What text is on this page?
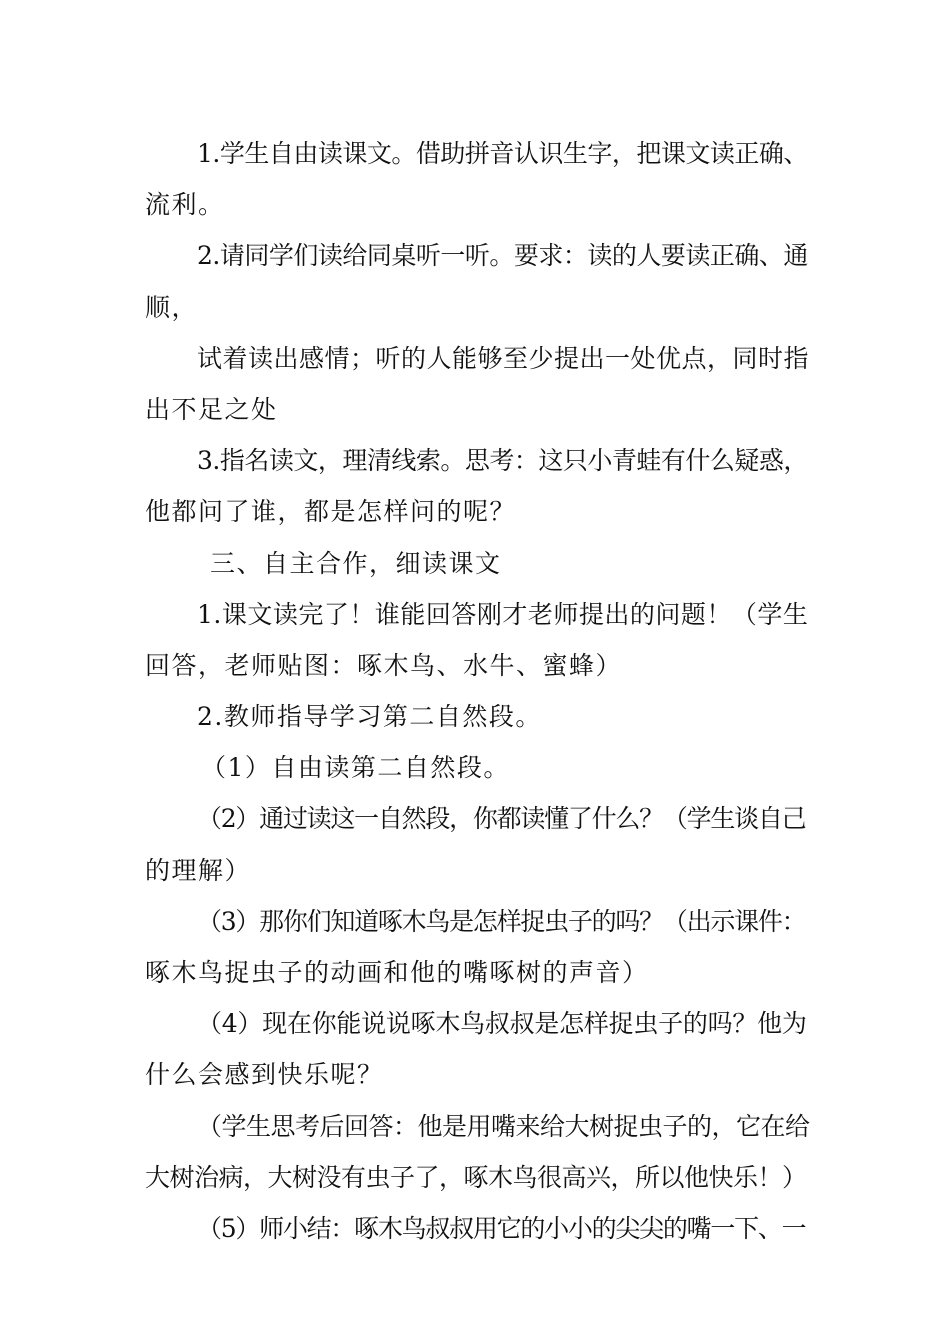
1.学生自由读课文。借助拼音认识生字，把课文读正确、
流利。
2.请同学们读给同桌听一听。要求：读的人要读正确、通
顺，
试着读出感情；听的人能够至少提出一处优点，同时指
出不足之处
3.指名读文，理清线索。思考：这只小青蛙有什么疑惑，
他都问了谁，都是怎样问的呢？
三、自主合作，细读课文
1.课文读完了！谁能回答刚才老师提出的问题！（学生
回答，老师贴图：啄木鸟、水牛、蜜蜂）
2.教师指导学习第二自然段。
（1）自由读第二自然段。
（2）通过读这一自然段，你都读懂了什么？（学生谈自己
的理解）
（3）那你们知道啄木鸟是怎样捉虫子的吗？（出示课件：
啄木鸟捉虫子的动画和他的嘴啄树的声音）
（4）现在你能说说啄木鸟叔叔是怎样捉虫子的吗？他为
什么会感到快乐呢？
（学生思考后回答：他是用嘴来给大树捉虫子的，它在给
大树治病，大树没有虫子了，啄木鸟很高兴，所以他快乐！）
（5）师小结：啄木鸟叔叔用它的小小的尖尖的嘴一下、一
